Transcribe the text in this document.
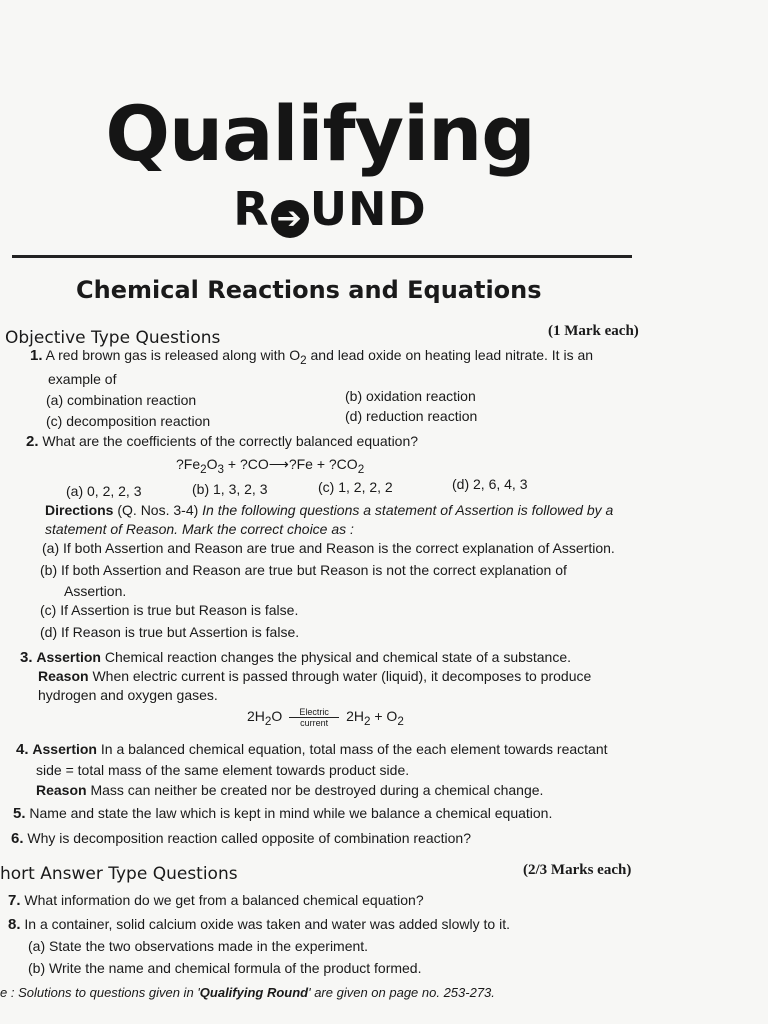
Qualifying
R ➔ UND
Chemical Reactions and Equations
Objective Type Questions	(1 Mark each)
1. A red brown gas is released along with $O_2$ and lead oxide on heating lead nitrate. It is an
example of
(a) combination reaction	(b) oxidation reaction
(c) decomposition reaction	(d) reduction reaction
2. What are the coefficients of the correctly balanced equation?
$?Fe_2O_3$ + ?CO⟶?Fe + $?CO_2$
(a) 0, 2, 2, 3	(b) 1, 3, 2, 3	(c) 1, 2, 2, 2	(d) 2, 6, 4, 3
Directions (Q. Nos. 3-4) In the following questions a statement of Assertion is followed by a
statement of Reason. Mark the correct choice as :
(a) If both Assertion and Reason are true and Reason is the correct explanation of Assertion.
(b) If both Assertion and Reason are true but Reason is not the correct explanation of
Assertion.
(c) If Assertion is true but Reason is false.
(d) If Reason is true but Assertion is false.
3. Assertion Chemical reaction changes the physical and chemical state of a substance.
Reason When electric current is passed through water (liquid), it decomposes to produce
hydrogen and oxygen gases.
$2H_2O$	Electric
current	$2H_2 + O_2$
4. Assertion In a balanced chemical equation, total mass of the each element towards reactant
side = total mass of the same element towards product side.
Reason Mass can neither be created nor be destroyed during a chemical change.
5. Name and state the law which is kept in mind while we balance a chemical equation.
6. Why is decomposition reaction called opposite of combination reaction?
hort Answer Type Questions	(2/3 Marks each)
7. What information do we get from a balanced chemical equation?
8. In a container, solid calcium oxide was taken and water was added slowly to it.
(a) State the two observations made in the experiment.
(b) Write the name and chemical formula of the product formed.
e : Solutions to questions given in 'Qualifying Round' are given on page no. 253-273.
